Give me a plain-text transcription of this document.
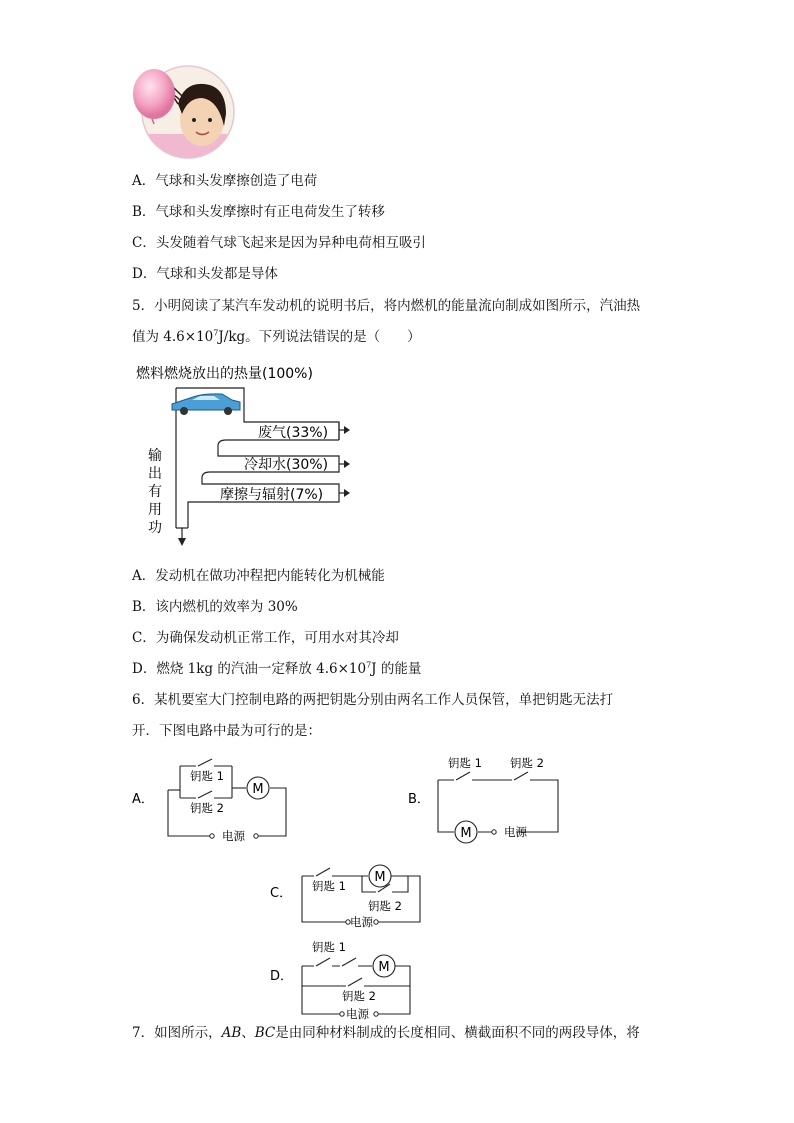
A．气球和头发摩擦创造了电荷
B．气球和头发摩擦时有正电荷发生了转移
C．头发随着气球飞起来是因为异种电荷相互吸引
D．气球和头发都是导体
5．小明阅读了某汽车发动机的说明书后，将内燃机的能量流向制成如图所示，汽油热
值为 $4.6\times 10^7J/kg$。下列说法错误的是（　　）
燃料燃烧放出的热量(100%)
废气(33%)
冷却水(30%)
摩擦与辐射(7%)
输
出
有
用
功
A．发动机在做功冲程把内能转化为机械能
B．该内燃机的效率为 30%
C．为确保发动机正常工作，可用水对其冷却
D．燃烧 1kg 的汽油一定释放 $4.6\times 10^7J$ 的能量
6．某机要室大门控制电路的两把钥匙分别由两名工作人员保管，单把钥匙无法打
开．下图电路中最为可行的是：
A．
M
钥匙 1
钥匙 2
电源
B．
钥匙 1 钥匙 2
M	电源
C．
M
钥匙 1
钥匙 2
电源
D．
钥匙 1
M
钥匙 2
电源
7．如图所示，AB、BC是由同种材料制成的长度相同、横截面积不同的两段导体，将
